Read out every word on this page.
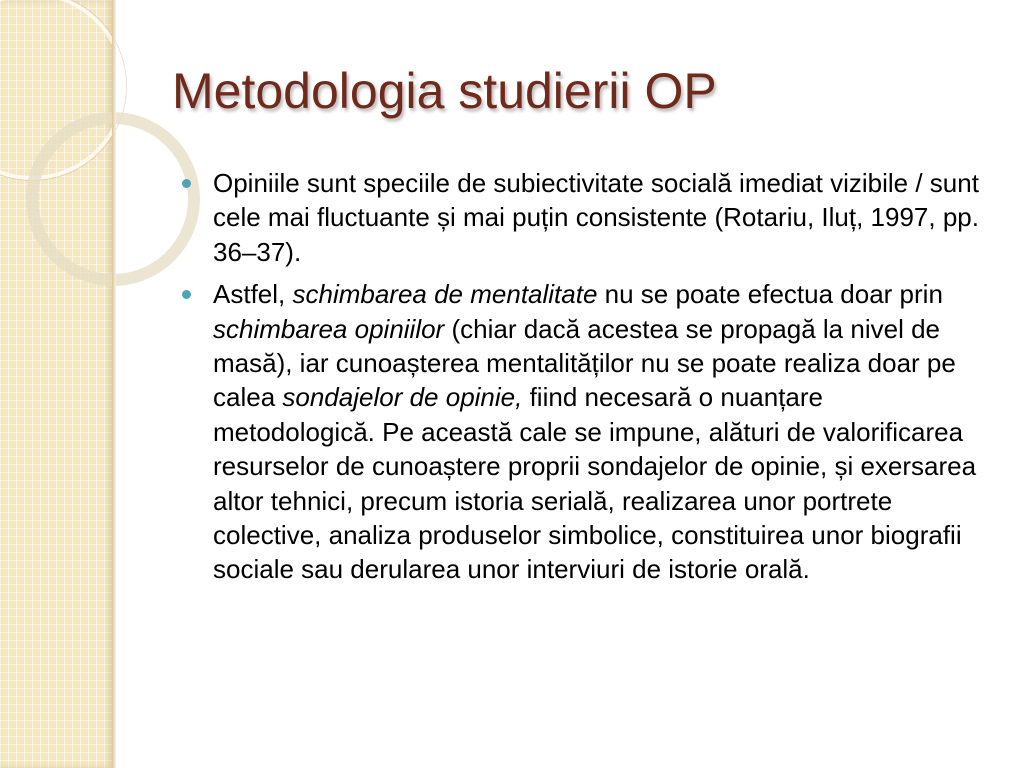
Metodologia studierii OP
Opiniile sunt speciile de subiectivitate socială imediat vizibile / sunt cele mai fluctuante și mai puțin consistente (Rotariu, Iluț, 1997, pp. 36–37).
Astfel, schimbarea de mentalitate nu se poate efectua doar prin schimbarea opiniilor (chiar dacă acestea se propagă la nivel de masă), iar cunoașterea mentalităților nu se poate realiza doar pe calea sondajelor de opinie, fiind necesară o nuanțare metodologică. Pe această cale se impune, alături de valorificarea resurselor de cunoaștere proprii sondajelor de opinie, și exersarea altor tehnici, precum istoria serială, realizarea unor portrete colective, analiza produselor simbolice, constituirea unor biografii sociale sau derularea unor interviuri de istorie orală.
